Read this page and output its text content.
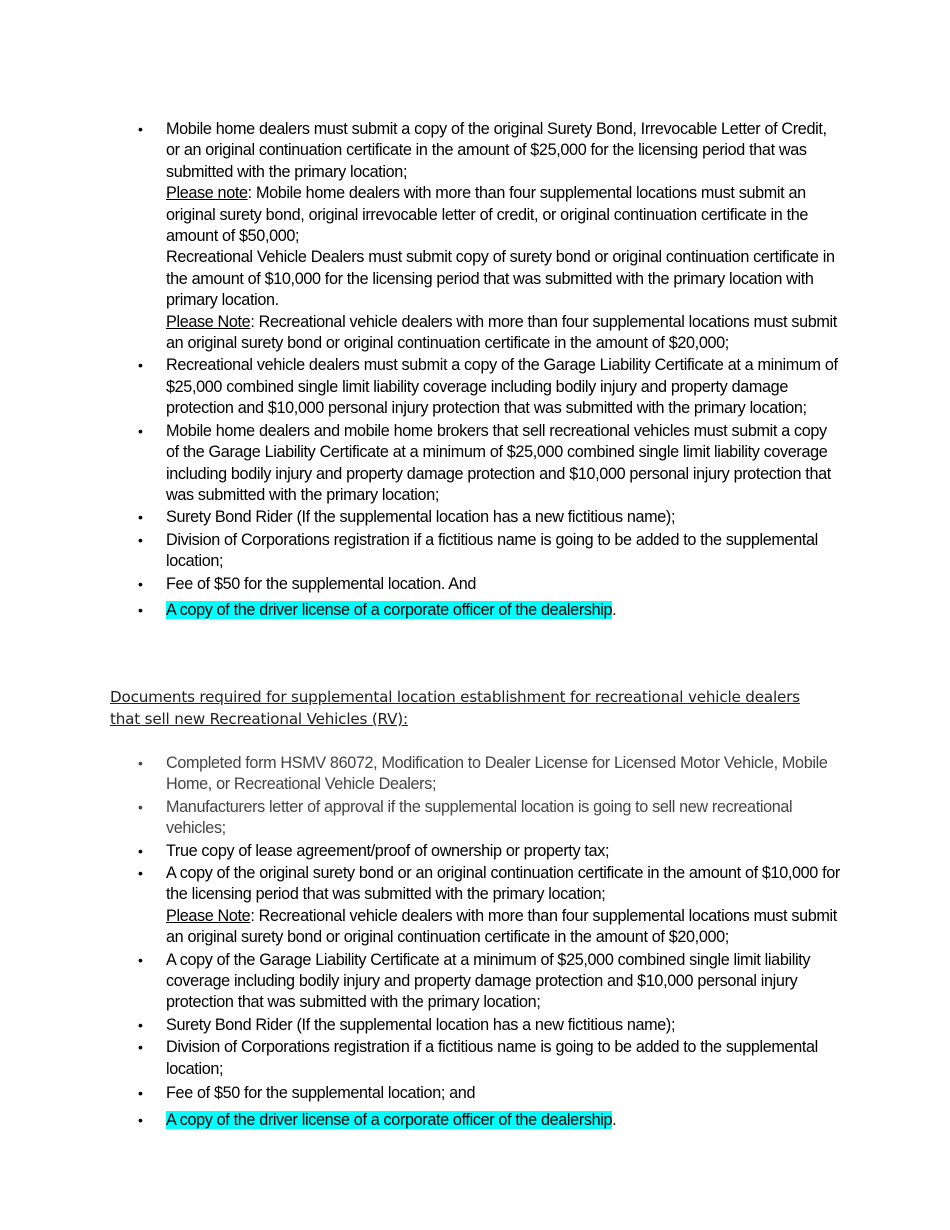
• Mobile home dealers must submit a copy of the original Surety Bond, Irrevocable Letter of Credit, or an original continuation certificate in the amount of $25,000 for the licensing period that was submitted with the primary location;

Please note: Mobile home dealers with more than four supplemental locations must submit an original surety bond, original irrevocable letter of credit, or original continuation certificate in the amount of $50,000;

Recreational Vehicle Dealers must submit copy of surety bond or original continuation certificate in the amount of $10,000 for the licensing period that was submitted with the primary location with primary location.

Please Note: Recreational vehicle dealers with more than four supplemental locations must submit an original surety bond or original continuation certificate in the amount of $20,000;

• Recreational vehicle dealers must submit a copy of the Garage Liability Certificate at a minimum of $25,000 combined single limit liability coverage including bodily injury and property damage protection and $10,000 personal injury protection that was submitted with the primary location;

• Mobile home dealers and mobile home brokers that sell recreational vehicles must submit a copy of the Garage Liability Certificate at a minimum of $25,000 combined single limit liability coverage including bodily injury and property damage protection and $10,000 personal injury protection that was submitted with the primary location;

• Surety Bond Rider (If the supplemental location has a new fictitious name);

• Division of Corporations registration if a fictitious name is going to be added to the supplemental location;

• Fee of $50 for the supplemental location. And

• A copy of the driver license of a corporate officer of the dealership.

Documents required for supplemental location establishment for recreational vehicle dealers that sell new Recreational Vehicles (RV):
• Completed form HSMV 86072, Modification to Dealer License for Licensed Motor Vehicle, Mobile Home, or Recreational Vehicle Dealers;

• Manufacturers letter of approval if the supplemental location is going to sell new recreational vehicles;

• True copy of lease agreement/proof of ownership or property tax;

• A copy of the original surety bond or an original continuation certificate in the amount of $10,000 for the licensing period that was submitted with the primary location;

Please Note: Recreational vehicle dealers with more than four supplemental locations must submit an original surety bond or original continuation certificate in the amount of $20,000;

• A copy of the Garage Liability Certificate at a minimum of $25,000 combined single limit liability coverage including bodily injury and property damage protection and $10,000 personal injury protection that was submitted with the primary location;

• Surety Bond Rider (If the supplemental location has a new fictitious name);

• Division of Corporations registration if a fictitious name is going to be added to the supplemental location;

• Fee of $50 for the supplemental location; and

• A copy of the driver license of a corporate officer of the dealership.
